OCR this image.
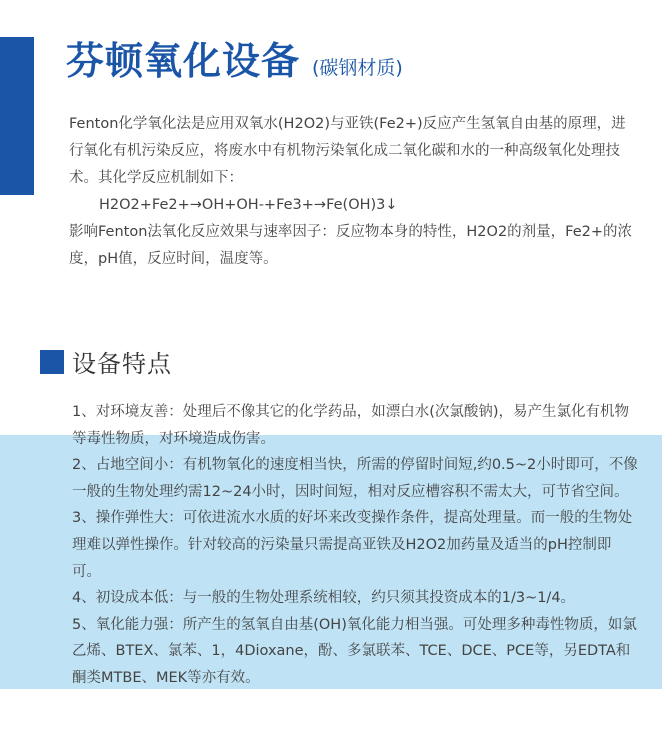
芬顿氧化设备 (碳钢材质)

Fenton化学氧化法是应用双氧水(H2O2)与亚铁(Fe2+)反应产生氢氧自由基的原理，进行氧化有机污染反应，将废水中有机物污染氧化成二氧化碳和水的一种高级氧化处理技术。其化学反应机制如下：

H2O2+Fe2+→OH+OH-+Fe3+→Fe(OH)3↓

影响Fenton法氧化反应效果与速率因子：反应物本身的特性，H2O2的剂量，Fe2+的浓度，pH值，反应时间，温度等。

设备特点

1、对环境友善：处理后不像其它的化学药品，如漂白水(次氯酸钠)，易产生氯化有机物等毒性物质，对环境造成伤害。

2、占地空间小：有机物氧化的速度相当快，所需的停留时间短,约0.5~2小时即可，不像一般的生物处理约需12~24小时，因时间短，相对反应槽容积不需太大，可节省空间。

3、操作弹性大：可依进流水水质的好坏来改变操作条件，提高处理量。而一般的生物处理难以弹性操作。针对较高的污染量只需提高亚铁及H2O2加药量及适当的pH控制即可。

4、初设成本低：与一般的生物处理系统相较，约只须其投资成本的1/3~1/4。

5、氧化能力强：所产生的氢氧自由基(OH)氧化能力相当强。可处理多种毒性物质，如氯乙烯、BTEX、氯苯、1，4Dioxane，酚、多氯联苯、TCE、DCE、PCE等，另EDTA和酮类MTBE、MEK等亦有效。
